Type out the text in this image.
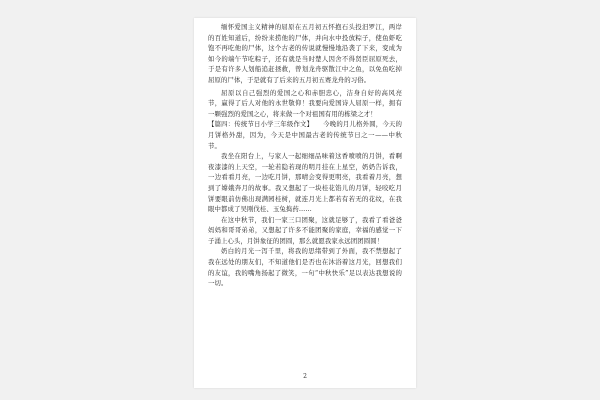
缅怀爱国主义精神的屈原在五月初五怀抱石头投汨罗江，两岸的百姓知道后，纷纷来捞他的尸体，并向水中投放粽子，使鱼虾吃饱不再吃他的尸体，这个古老的传说就慢慢地沿袭了下来，变成为如今的端午节吃粽子，还有就是当时楚人因舍不得贤臣屈原死去，于是有许多人划船追赶拯救，曾划龙舟驱散江中之鱼，以免鱼吃掉屈原的尸体，于是就有了后来的五月初五赛龙舟的习俗。

屈原以自己强烈的爱国之心和赤胆忠心，洁身自好的高风亮节，赢得了后人对他的永世敬仰！我要向爱国诗人屈原一样，拥有一颗强烈的爱国之心，将来做一个对祖国有用的栋梁之才！

【篇四：传统节日小学三年级作文】　　今晚的月儿格外圆，今天的月饼格外甜，因为，今天是中国最古老的传统节日之一——中秋节。

我坐在阳台上，与家人一起细细品味着这香喷喷的月饼，看啊夜漆漆的上天空，一轮若隐若现的明月挂在上星空，奶奶告诉我，一边看看月亮，一边吃月饼，那晴会变得更明亮，我看着月亮，想到了嫦娥奔月的故事。我又想起了一块桂花馅儿的月饼，轻咬吃月饼要眼前仿佛出现满园桂树，就连月光上都若有若无的花纹，在我眼中都成了吴刚伐桂、玉兔捣药……

在这中秋节，我们一家三口团聚，这就足够了，我看了看爸爸妈妈和哥哥弟弟，又想起了许多不能团聚的家庭，幸福的感觉一下子涌上心头，月饼象征的团圆，那么就愿我家永远团团圆圆！

奶白的月光一泻千里，将我的思绪带到了外面，我不禁想起了我在远处的朋友们，不知道他们是否也在沐浴着这月光，回想我们的友谊，我的嘴角扬起了微笑，一句“中秋快乐”足以表达我想说的一切。

2
